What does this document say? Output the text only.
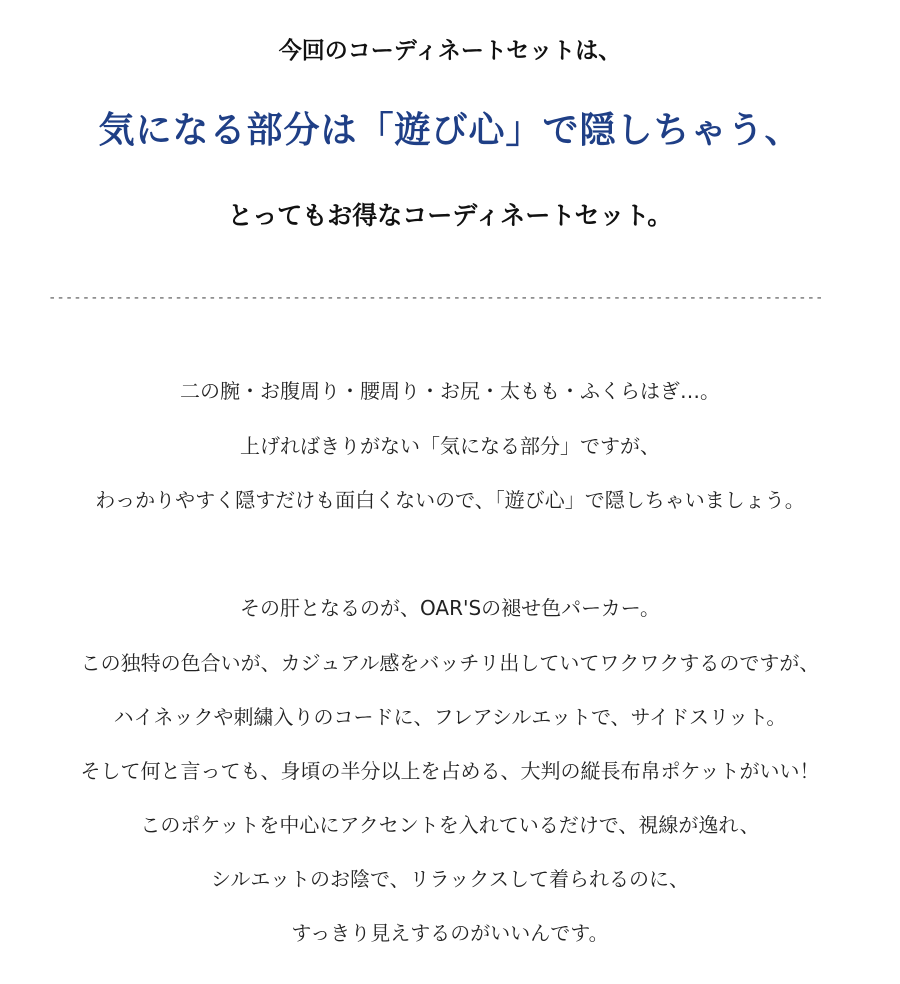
今回のコーディネートセットは、
気になる部分は「遊び心」で隠しちゃう、
とってもお得なコーディネートセット。
--------------------------------------------------------------------------------------------
二の腕・お腹周り・腰周り・お尻・太もも・ふくらはぎ…。
上げればきりがない「気になる部分」ですが、
わっかりやすく隠すだけも面白くないので、「遊び心」で隠しちゃいましょう。
その肝となるのが、OAR'Sの褪せ色パーカー。
この独特の色合いが、カジュアル感をバッチリ出していてワクワクするのですが、
ハイネックや刺繍入りのコードに、フレアシルエットで、サイドスリット。
そして何と言っても、身頃の半分以上を占める、大判の縦長布帛ポケットがいい！
このポケットを中心にアクセントを入れているだけで、視線が逸れ、
シルエットのお陰で、リラックスして着られるのに、
すっきり見えするのがいいんです。
